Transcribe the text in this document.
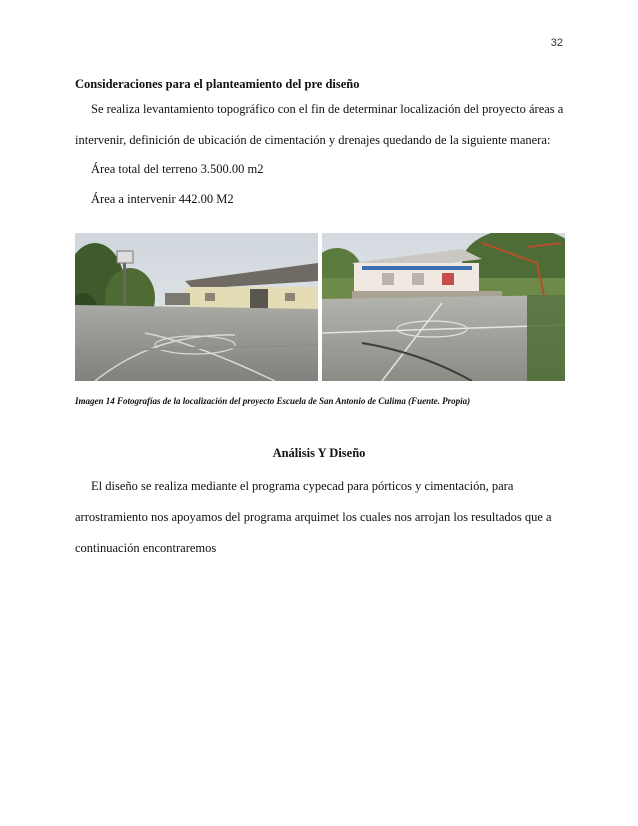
32
Consideraciones para el planteamiento del pre diseño

Se realiza levantamiento topográfico con el fin de determinar localización del proyecto áreas a intervenir, definición de ubicación de cimentación y drenajes quedando de la siguiente manera:

Área total del terreno 3.500.00 m2

Área a intervenir 442.00 M2

Imagen 14 Fotografías de la localización del proyecto Escuela de San Antonio de Culima (Fuente. Propia)

Análisis Y Diseño

El diseño se realiza mediante el programa cypecad para pórticos y cimentación, para arrostramiento nos apoyamos del programa arquimet los cuales nos arrojan los resultados que a continuación encontraremos
